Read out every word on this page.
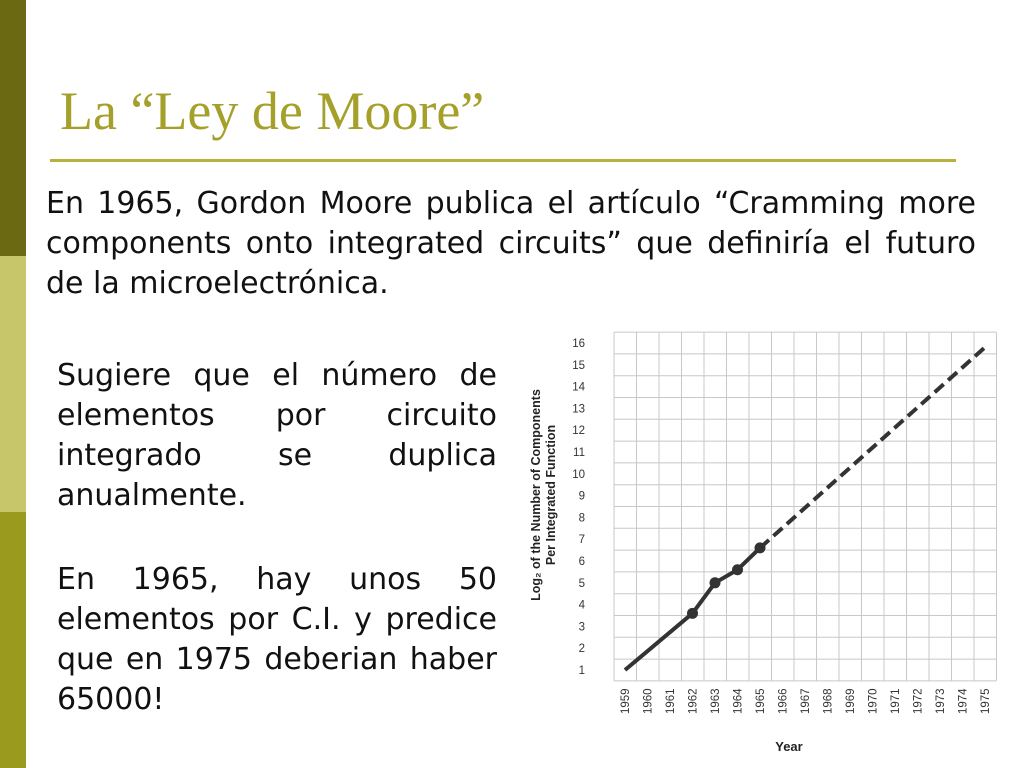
La “Ley de Moore”

En 1965, Gordon Moore publica el artículo “Cramming more components onto integrated circuits” que definiría el futuro de la microelectrónica.

Sugiere que el número de elementos por circuito integrado se duplica anualmente.

En 1965, hay unos 50 elementos por C.I. y predice que en 1975 deberian haber 65000!

1
2
3
4
5
6
7
8
9
10
11
12
13
14
15
16
1959 1960 1961 1962 1963 1964 1965 1966 1967 1968 1969 1970 1971 1972 1973 1974 1975
Log₂ of the Number of Components Per Integrated Function
Year
